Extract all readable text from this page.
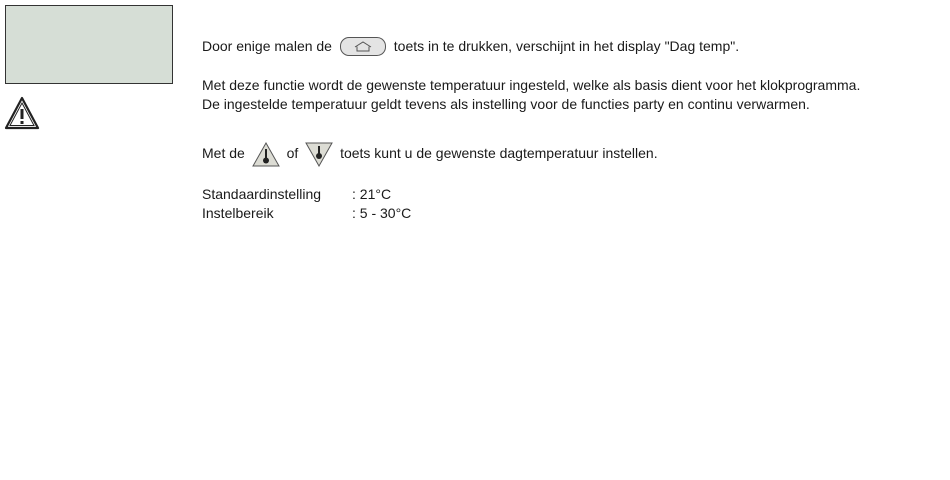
Door enige malen de	toets in te drukken, verschijnt in het display "Dag temp".
Met deze functie wordt de gewenste temperatuur ingesteld, welke als basis dient voor het klokprogramma.
De ingestelde temperatuur geldt tevens als instelling voor de functies party en continu verwarmen.
Met de	of	toets kunt u de gewenste dagtemperatuur instellen.
Standaardinstelling : 21°C
Instelbereik	: 5 - 30°C
